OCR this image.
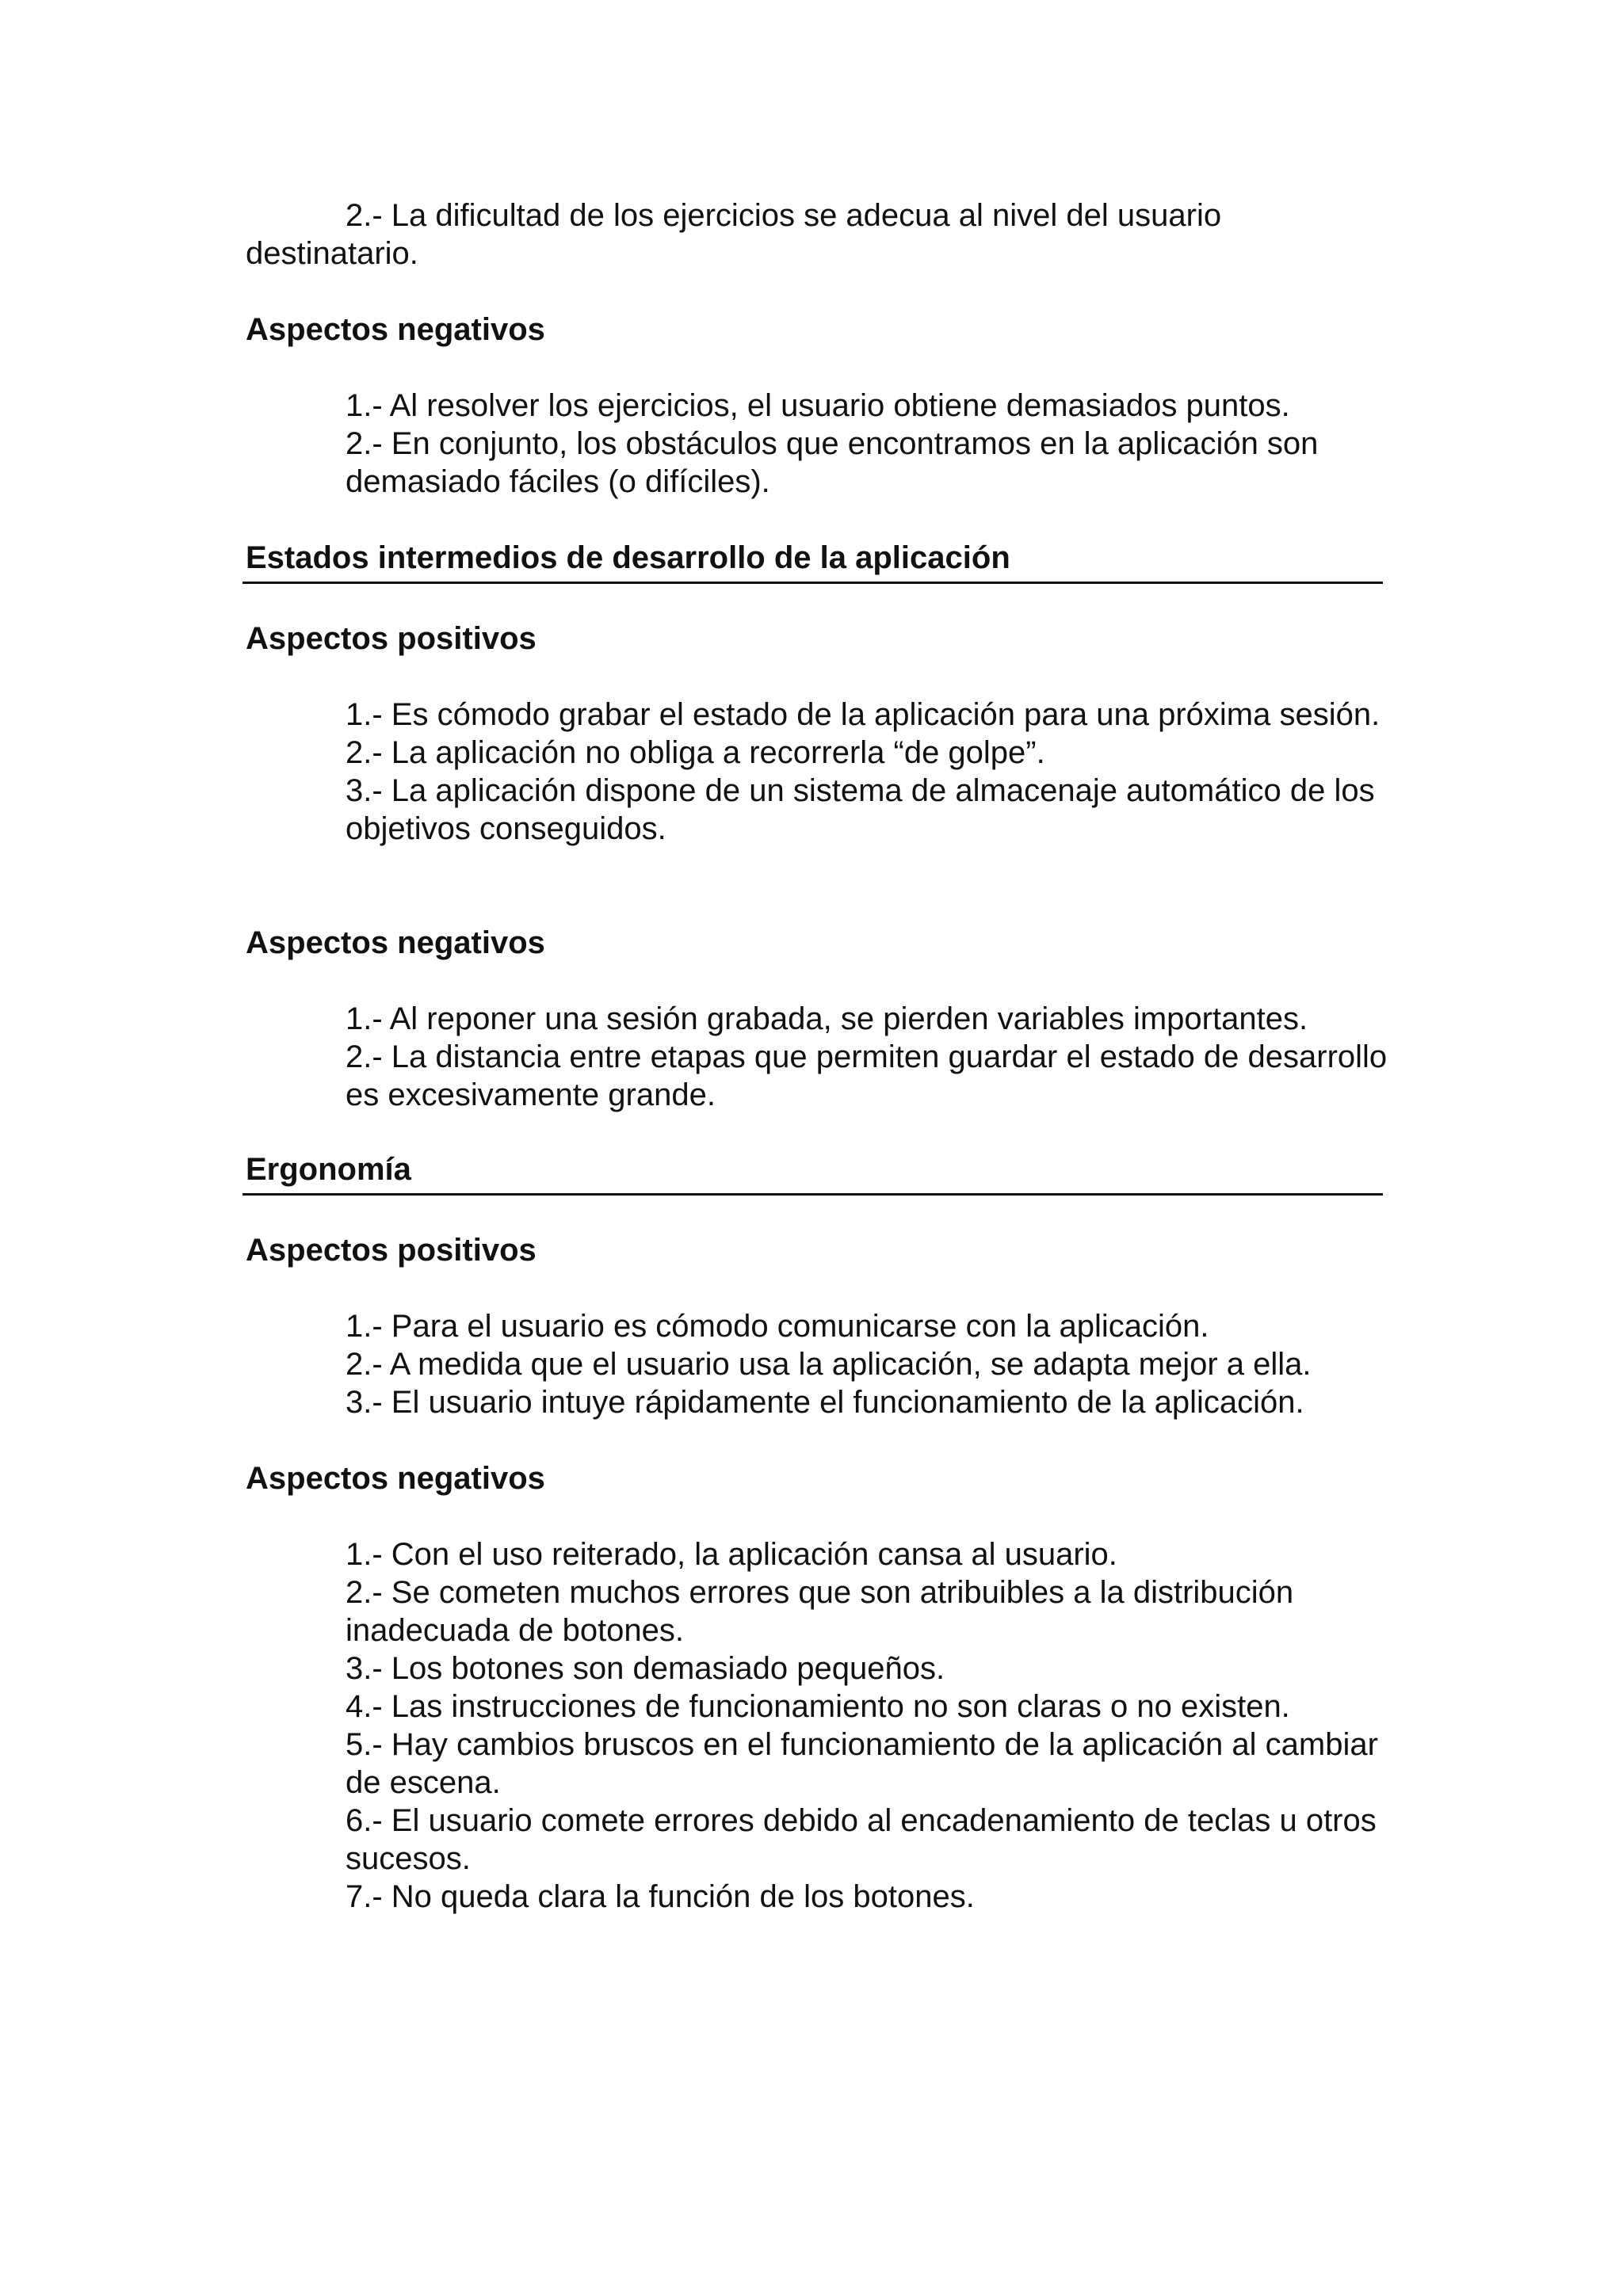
2.- La dificultad de los ejercicios se adecua al nivel del usuario destinatario.

Aspectos negativos
1.- Al resolver los ejercicios, el usuario obtiene demasiados puntos.
2.- En conjunto, los obstáculos que encontramos en la aplicación son demasiado fáciles (o difíciles).
Estados intermedios de desarrollo de la aplicación
Aspectos positivos
1.- Es cómodo grabar el estado de la aplicación para una próxima sesión.
2.- La aplicación no obliga a recorrerla “de golpe”.
3.- La aplicación dispone de un sistema de almacenaje automático de los objetivos conseguidos.
Aspectos negativos
1.- Al reponer una sesión grabada, se pierden variables importantes.
2.- La distancia entre etapas que permiten guardar el estado de desarrollo es excesivamente grande.
Ergonomía
Aspectos positivos
1.- Para el usuario es cómodo comunicarse con la aplicación.
2.- A medida que el usuario usa la aplicación, se adapta mejor a ella.
3.- El usuario intuye rápidamente el funcionamiento de la aplicación.
Aspectos negativos
1.- Con el uso reiterado, la aplicación cansa al usuario.
2.- Se cometen muchos errores que son atribuibles a la distribución inadecuada de botones.
3.- Los botones son demasiado pequeños.
4.- Las instrucciones de funcionamiento no son claras o no existen.
5.- Hay cambios bruscos en el funcionamiento de la aplicación al cambiar de escena.
6.- El usuario comete errores debido al encadenamiento de teclas u otros sucesos.
7.- No queda clara la función de los botones.
